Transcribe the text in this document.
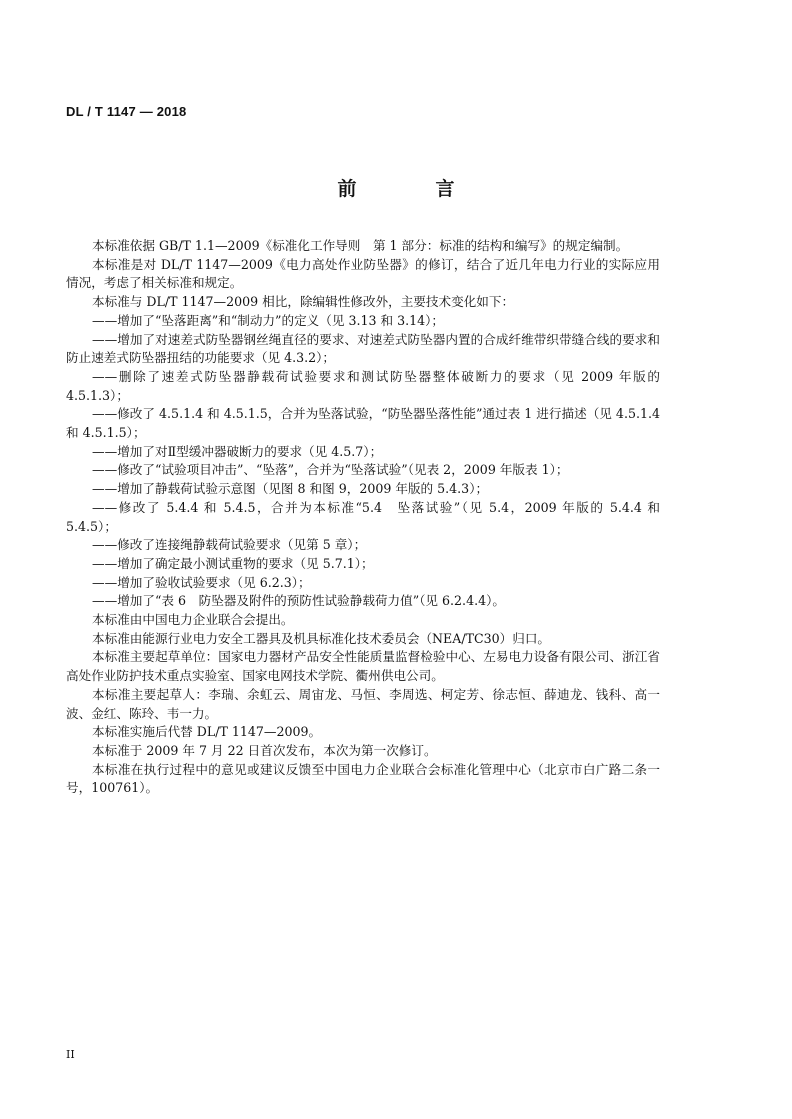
DL / T 1147 — 2018
前　言

本标准依据 GB/T 1.1—2009《标准化工作导则　第 1 部分：标准的结构和编写》的规定编制。

本标准是对 DL/T 1147—2009《电力高处作业防坠器》的修订，结合了近几年电力行业的实际应用情况，考虑了相关标准和规定。

本标准与 DL/T 1147—2009 相比，除编辑性修改外，主要技术变化如下：

——增加了“坠落距离”和“制动力”的定义（见 3.13 和 3.14）；

——增加了对速差式防坠器钢丝绳直径的要求、对速差式防坠器内置的合成纤维带织带缝合线的要求和防止速差式防坠器扭结的功能要求（见 4.3.2）；

——删除了速差式防坠器静载荷试验要求和测试防坠器整体破断力的要求（见 2009 年版的 4.5.1.3）；

——修改了 4.5.1.4 和 4.5.1.5，合并为坠落试验，“防坠器坠落性能”通过表 1 进行描述（见 4.5.1.4 和 4.5.1.5）；

——增加了对Ⅱ型缓冲器破断力的要求（见 4.5.7）；

——修改了“试验项目冲击”、“坠落”，合并为“坠落试验”（见表 2，2009 年版表 1）；

——增加了静载荷试验示意图（见图 8 和图 9，2009 年版的 5.4.3）；

——修改了 5.4.4 和 5.4.5，合并为本标准“5.4　坠落试验”（见 5.4，2009 年版的 5.4.4 和 5.4.5）；

——修改了连接绳静载荷试验要求（见第 5 章）；

——增加了确定最小测试重物的要求（见 5.7.1）；

——增加了验收试验要求（见 6.2.3）；

——增加了“表 6　防坠器及附件的预防性试验静载荷力值”（见 6.2.4.4）。

本标准由中国电力企业联合会提出。

本标准由能源行业电力安全工器具及机具标准化技术委员会（NEA/TC30）归口。

本标准主要起草单位：国家电力器材产品安全性能质量监督检验中心、左易电力设备有限公司、浙江省高处作业防护技术重点实验室、国家电网技术学院、衢州供电公司。

本标准主要起草人：李瑞、余虹云、周宙龙、马恒、李周选、柯定芳、徐志恒、薛迪龙、钱科、高一波、金红、陈玲、韦一力。

本标准实施后代替 DL/T 1147—2009。

本标准于 2009 年 7 月 22 日首次发布，本次为第一次修订。

本标准在执行过程中的意见或建议反馈至中国电力企业联合会标准化管理中心（北京市白广路二条一号，100761）。

II
